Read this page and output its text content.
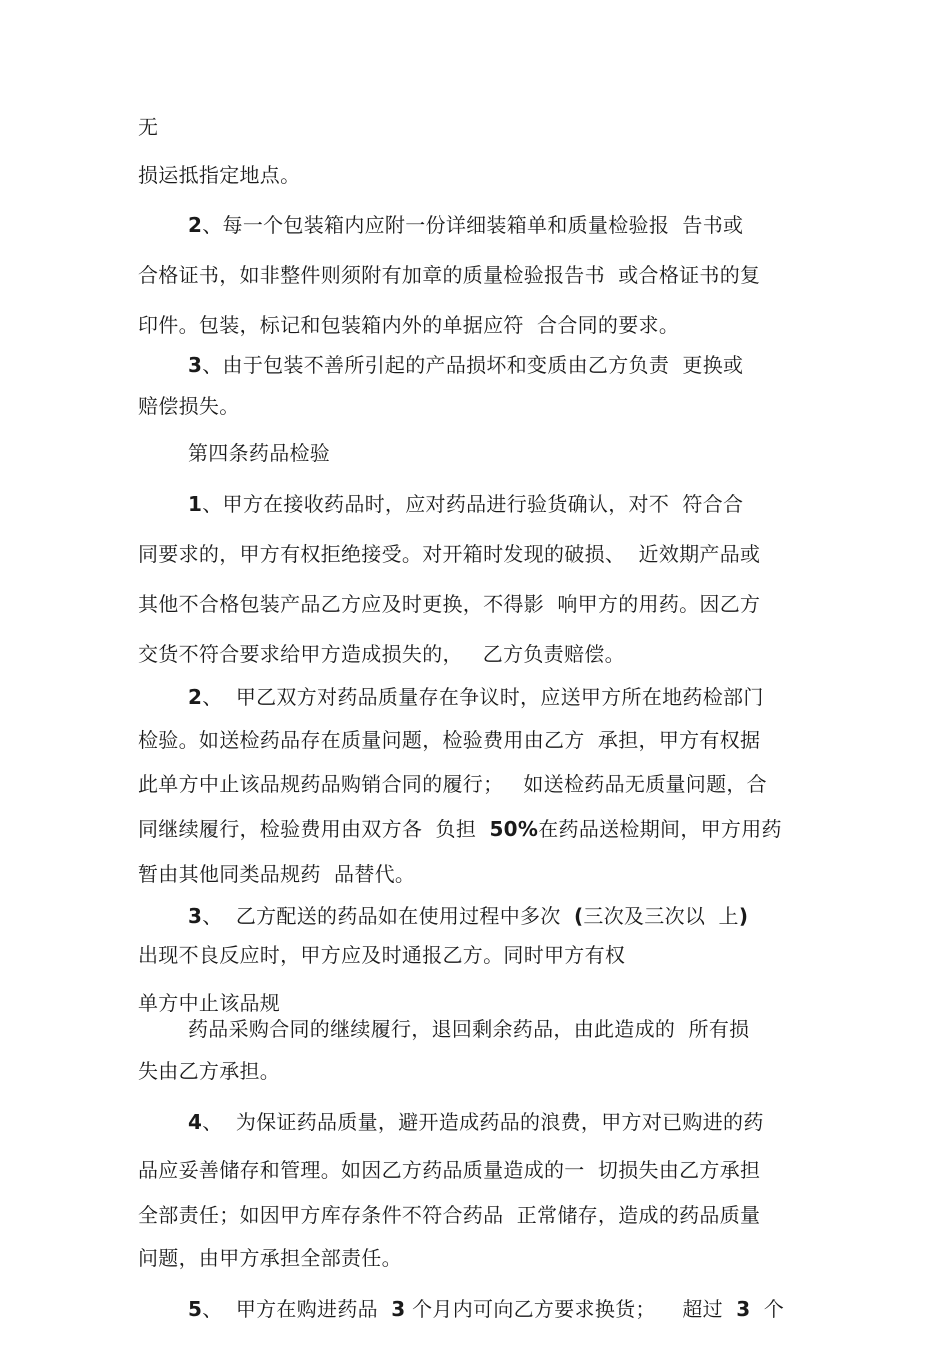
无
损运抵指定地点。
2、每一个包装箱内应附一份详细装箱单和质量检验报  告书或
合格证书，如非整件则须附有加章的质量检验报告书  或合格证书的复
印件。包装，标记和包装箱内外的单据应符  合合同的要求。
3、由于包装不善所引起的产品损坏和变质由乙方负责  更换或
赔偿损失。
第四条药品检验
1、甲方在接收药品时，应对药品进行验货确认，对不  符合合
同要求的，甲方有权拒绝接受。对开箱时发现的破损、  近效期产品或
其他不合格包装产品乙方应及时更换，不得影  响甲方的用药。因乙方
交货不符合要求给甲方造成损失的，   乙方负责赔偿。
2、  甲乙双方对药品质量存在争议时，应送甲方所在地药检部门
检验。如送检药品存在质量问题，检验费用由乙方  承担，甲方有权据
此单方中止该品规药品购销合同的履行；   如送检药品无质量问题，合
同继续履行，检验费用由双方各  负担  50%在药品送检期间，甲方用药
暂由其他同类品规药  品替代。
3、  乙方配送的药品如在使用过程中多次  (三次及三次以  上)
出现不良反应时，甲方应及时通报乙方。同时甲方有权
单方中止该品规
药品采购合同的继续履行，退回剩余药品，由此造成的  所有损
失由乙方承担。
4、  为保证药品质量，避开造成药品的浪费，甲方对已购进的药
品应妥善储存和管理。如因乙方药品质量造成的一  切损失由乙方承担
全部责任；如因甲方库存条件不符合药品  正常储存，造成的药品质量
问题，由甲方承担全部责任。
5、  甲方在购进药品  3 个月内可向乙方要求换货；    超过  3  个
